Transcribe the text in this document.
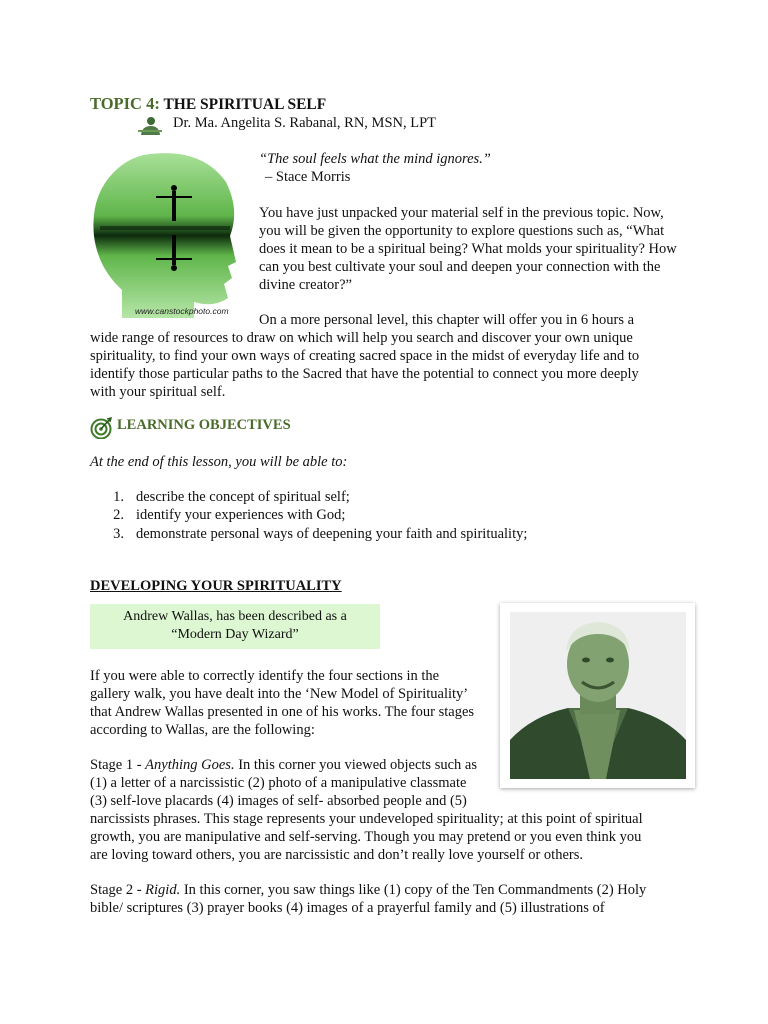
TOPIC 4: THE SPIRITUAL SELF
Dr. Ma. Angelita S. Rabanal, RN, MSN, LPT
www.canstockphoto.com
“The soul feels what the mind ignores.”
– Stace Morris
You have just unpacked your material self in the previous topic. Now, you will be given the opportunity to explore questions such as, “What does it mean to be a spiritual being? What molds your spirituality? How can you best cultivate your soul and deepen your connection with the divine creator?”
On a more personal level, this chapter will offer you in 6 hours a
wide range of resources to draw on which will help you search and discover your own unique
spirituality, to find your own ways of creating sacred space in the midst of everyday life and to
identify those particular paths to the Sacred that have the potential to connect you more deeply
with your spiritual self.
LEARNING OBJECTIVES
At the end of this lesson, you will be able to:
1. describe the concept of spiritual self;
2. identify your experiences with God;
3. demonstrate personal ways of deepening your faith and spirituality;
DEVELOPING YOUR SPIRITUALITY
Andrew Wallas, has been described as a
“Modern Day Wizard”
If you were able to correctly identify the four sections in the
gallery walk, you have dealt into the ‘New Model of Spirituality’
that Andrew Wallas presented in one of his works. The four stages
according to Wallas, are the following:
Stage 1 - Anything Goes. In this corner you viewed objects such as
(1) a letter of a narcissistic (2) photo of a manipulative classmate
(3) self-love placards (4) images of self- absorbed people and (5)
narcissists phrases. This stage represents your undeveloped spirituality; at this point of spiritual
growth, you are manipulative and self-serving. Though you may pretend or you even think you
are loving toward others, you are narcissistic and don’t really love yourself or others.
Stage 2 - Rigid. In this corner, you saw things like (1) copy of the Ten Commandments (2) Holy
bible/ scriptures (3) prayer books (4) images of a prayerful family and (5) illustrations of
